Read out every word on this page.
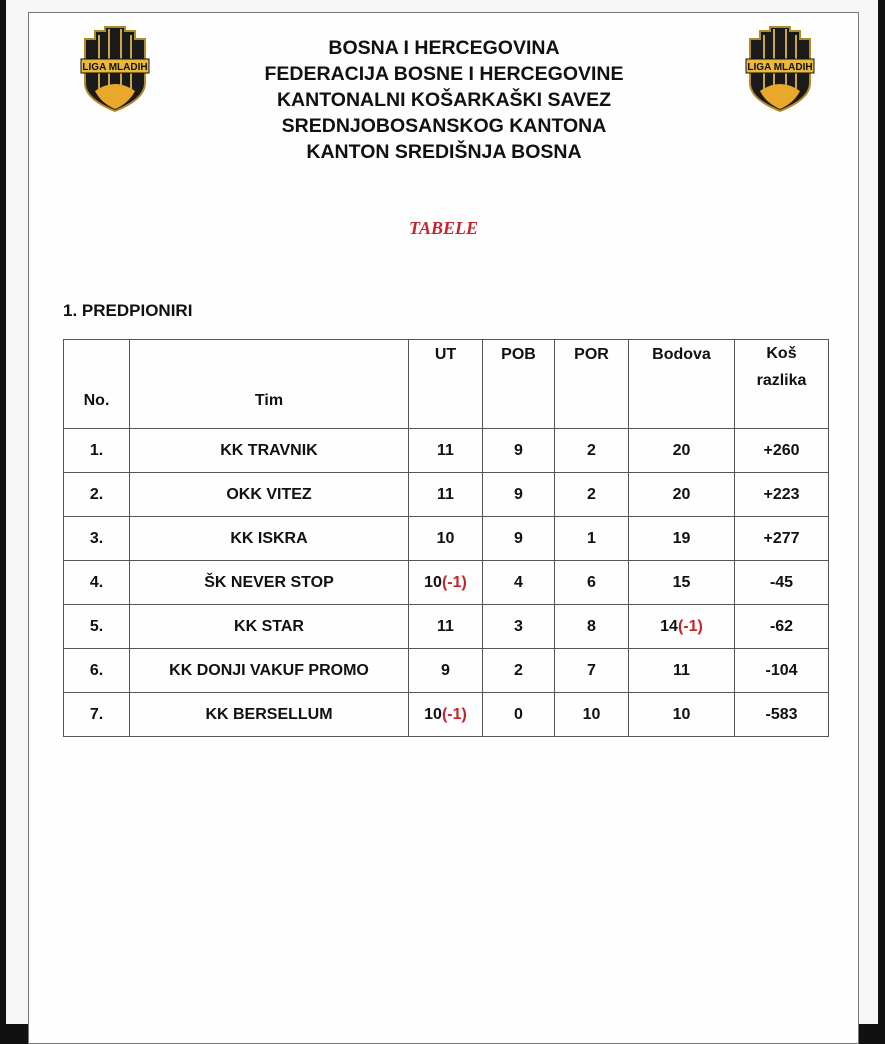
LIGA MLADIH	LIGA MLADIH
BOSNA I HERCEGOVINA
FEDERACIJA BOSNE I HERCEGOVINE
KANTONALNI KOŠARKAŠKI SAVEZ
SREDNJOBOSANSKOG KANTONA
KANTON SREDIŠNJA BOSNA
TABELE
1. PREDPIONIRI
No.	Tim	UT	POB	POR	Bodova	Koš
razlika

1.	KK TRAVNIK	11	9	2	20	+260
2.	OKK VITEZ	11	9	2	20	+223
3.	KK ISKRA	10	9	1	19	+277
4.	ŠK NEVER STOP	10(-1)	4	6	15	-45
5.	KK STAR	11	3	8	14(-1)	-62
6.	KK DONJI VAKUF PROMO	9	2	7	11	-104
7.	KK BERSELLUM	10(-1)	0	10	10	-583
